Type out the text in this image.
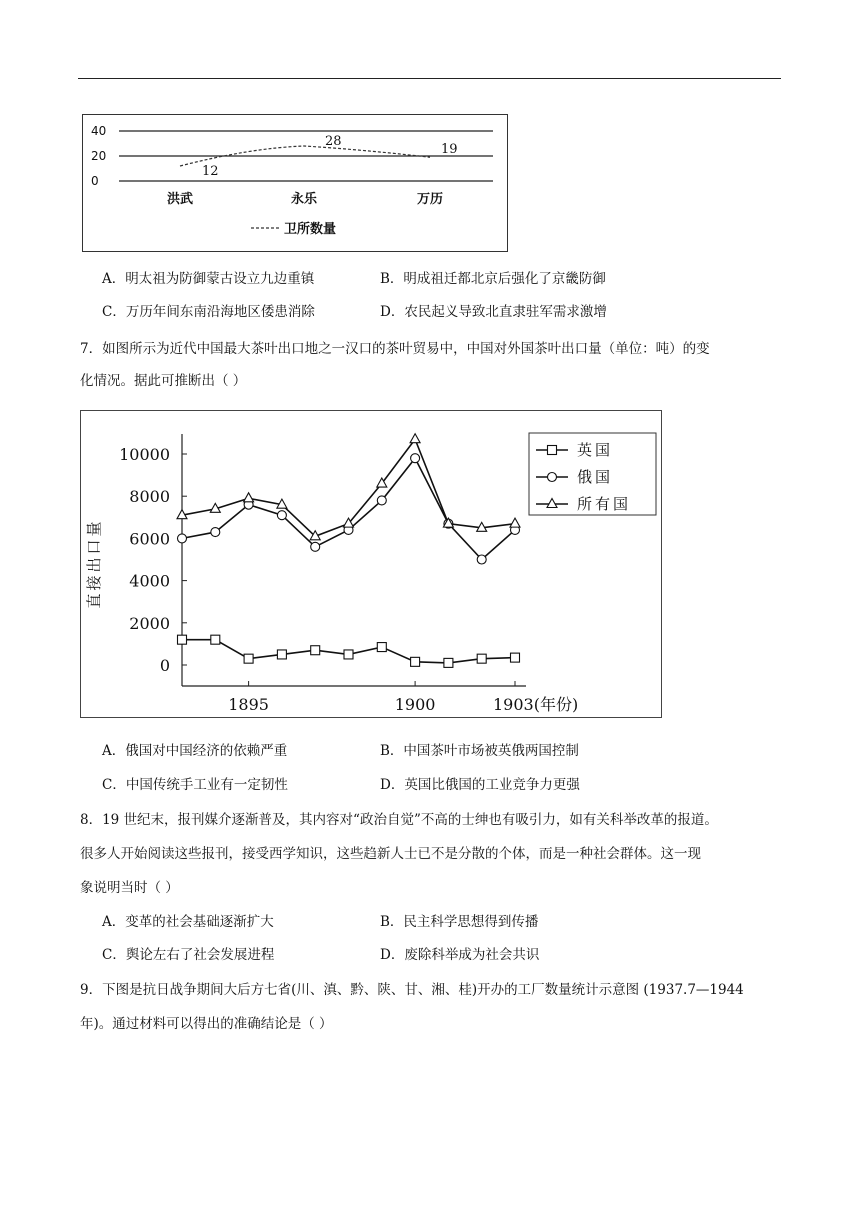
40
20
0
12
28
19
洪武	永乐	万历
卫所数量
A．明太祖为防御蒙古设立九边重镇	B．明成祖迁都北京后强化了京畿防御
C．万历年间东南沿海地区倭患消除	D．农民起义导致北直隶驻军需求激增
7．如图所示为近代中国最大茶叶出口地之一汉口的茶叶贸易中，中国对外国茶叶出口量（单位：吨）的变
化情况。据此可推断出（ ）
0
2000
4000
6000
8000
10000
1895	1900	1903(年份)
直
接
出
口
量
英国
俄国
所有国
A．俄国对中国经济的依赖严重	B．中国茶叶市场被英俄两国控制
C．中国传统手工业有一定韧性	D．英国比俄国的工业竞争力更强
8．19 世纪末，报刊媒介逐渐普及，其内容对“政治自觉”不高的士绅也有吸引力，如有关科举改革的报道。
很多人开始阅读这些报刊，接受西学知识，这些趋新人士已不是分散的个体，而是一种社会群体。这一现
象说明当时（ ）
A．变革的社会基础逐渐扩大	B．民主科学思想得到传播
C．舆论左右了社会发展进程	D．废除科举成为社会共识
9．下图是抗日战争期间大后方七省(川、滇、黔、陕、甘、湘、桂)开办的工厂数量统计示意图 (1937.7—1944
年)。通过材料可以得出的准确结论是（ ）
